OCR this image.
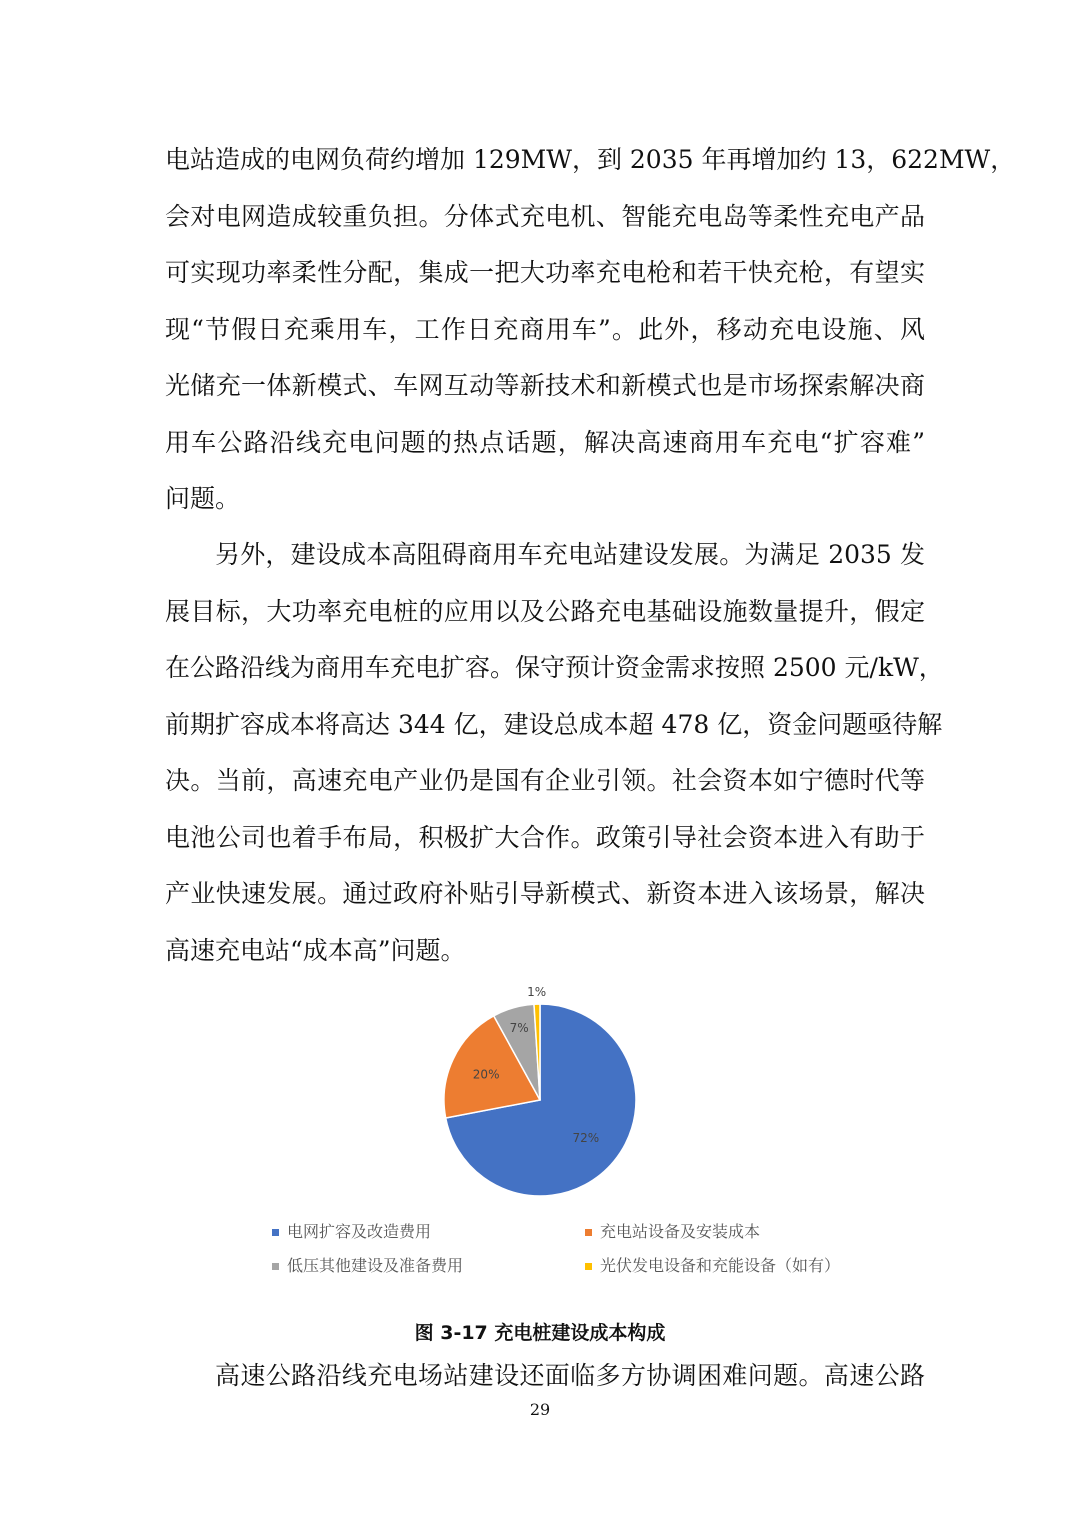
电站造成的电网负荷约增加 129MW，到 2035 年再增加约 13，622MW，
会对电网造成较重负担。分体式充电机、智能充电岛等柔性充电产品
可实现功率柔性分配，集成一把大功率充电枪和若干快充枪，有望实
现“节假日充乘用车，工作日充商用车”。此外，移动充电设施、风
光储充一体新模式、车网互动等新技术和新模式也是市场探索解决商
用车公路沿线充电问题的热点话题，解决高速商用车充电“扩容难”
问题。
另外，建设成本高阻碍商用车充电站建设发展。为满足 2035 发
展目标，大功率充电桩的应用以及公路充电基础设施数量提升，假定
在公路沿线为商用车充电扩容。保守预计资金需求按照 2500 元/kW，
前期扩容成本将高达 344 亿，建设总成本超 478 亿，资金问题亟待解
决。当前，高速充电产业仍是国有企业引领。社会资本如宁德时代等
电池公司也着手布局，积极扩大合作。政策引导社会资本进入有助于
产业快速发展。通过政府补贴引导新模式、新资本进入该场景，解决
高速充电站“成本高”问题。
72%
20%
7%
1%
电网扩容及改造费用	充电站设备及安装成本
低压其他建设及准备费用	光伏发电设备和充能设备（如有）
图 3-17 充电桩建设成本构成
高速公路沿线充电场站建设还面临多方协调困难问题。高速公路
29
